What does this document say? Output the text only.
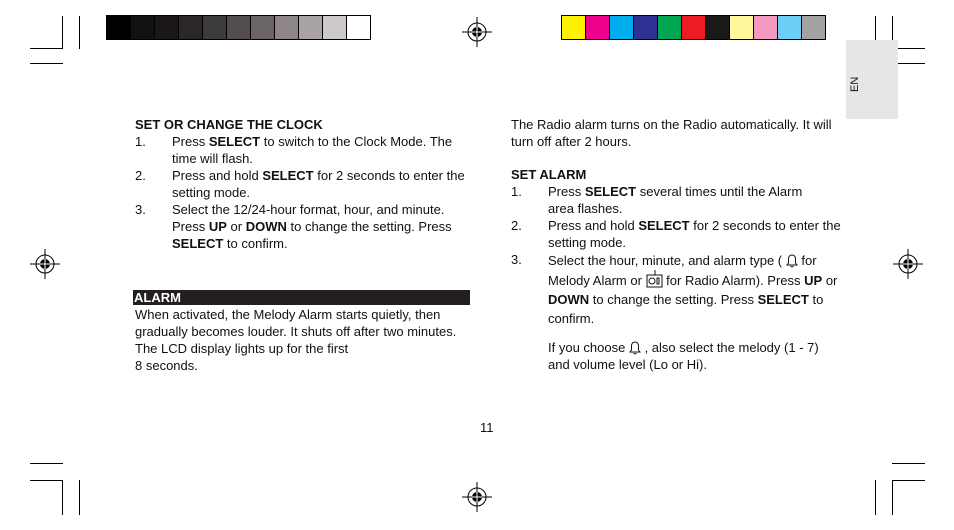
EN
SET OR CHANGE THE CLOCK
1.	Press SELECT to switch to the Clock Mode. The time will flash.
2.	Press and hold SELECT for 2 seconds to enter the setting mode.
3.	Select the 12/24-hour format, hour, and minute. Press UP or DOWN to change the setting. Press SELECT to confirm.
ALARM
When activated, the Melody Alarm starts quietly, then gradually becomes louder. It shuts off after two minutes. The LCD display lights up for the first
8 seconds.
The Radio alarm turns on the Radio automatically. It will turn off after 2 hours.
SET ALARM
1.	Press SELECT several times until the Alarm area flashes.
2.	Press and hold SELECT for 2 seconds to enter the setting mode.
3.	Select the hour, minute, and alarm type (  for Melody Alarm or  for Radio Alarm). Press UP or DOWN to change the setting. Press SELECT to confirm.
If you choose  , also select the melody (1 - 7) and volume level (Lo or Hi).
11
